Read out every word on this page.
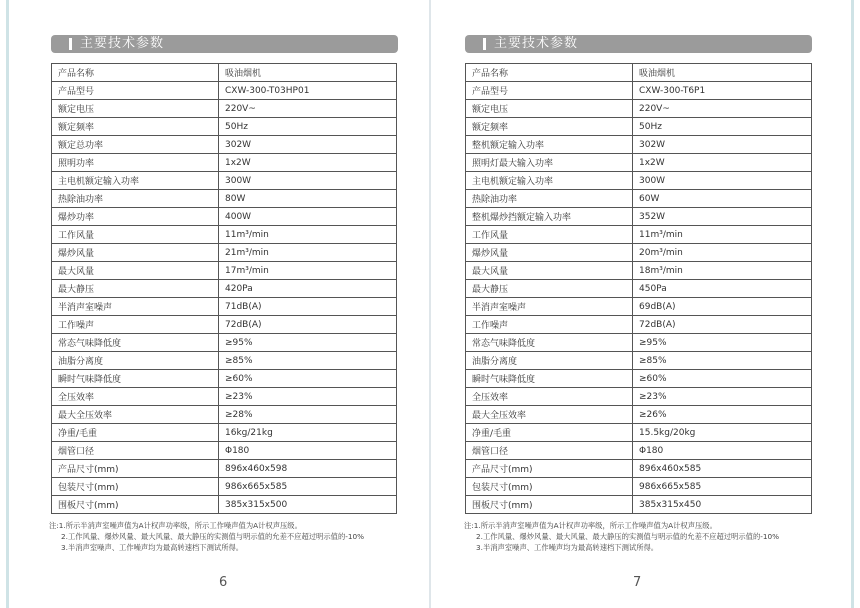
主要技术参数
产品名称	吸油烟机
产品型号	CXW-300-T03HP01
额定电压	220V~
额定频率	50Hz
额定总功率	302W
照明功率	1x2W
主电机额定输入功率	300W
热除油功率	80W
爆炒功率	400W
工作风量	11m³/min
爆炒风量	21m³/min
最大风量	17m³/min
最大静压	420Pa
半消声室噪声	71dB(A)
工作噪声	72dB(A)
常态气味降低度	≥95%
油脂分离度	≥85%
瞬时气味降低度	≥60%
全压效率	≥23%
最大全压效率	≥28%
净重/毛重	16kg/21kg
烟管口径	Φ180
产品尺寸(mm)	896x460x598
包装尺寸(mm)	986x665x585
围板尺寸(mm)	385x315x500
注:1.所示半消声室噪声值为A计权声功率级，所示工作噪声值为A计权声压级。
2.工作风量、爆炒风量、最大风量、最大静压的实测值与明示值的允差不应超过明示值的-10%
3.半消声室噪声、工作噪声均为最高转速档下测试所得。
6
主要技术参数
产品名称	吸油烟机
产品型号	CXW-300-T6P1
额定电压	220V~
额定频率	50Hz
整机额定输入功率	302W
照明灯最大输入功率	1x2W
主电机额定输入功率	300W
热除油功率	60W
整机爆炒挡额定输入功率	352W
工作风量	11m³/min
爆炒风量	20m³/min
最大风量	18m³/min
最大静压	450Pa
半消声室噪声	69dB(A)
工作噪声	72dB(A)
常态气味降低度	≥95%
油脂分离度	≥85%
瞬时气味降低度	≥60%
全压效率	≥23%
最大全压效率	≥26%
净重/毛重	15.5kg/20kg
烟管口径	Φ180
产品尺寸(mm)	896x460x585
包装尺寸(mm)	986x665x585
围板尺寸(mm)	385x315x450
注:1.所示半消声室噪声值为A计权声功率级，所示工作噪声值为A计权声压级。
2.工作风量、爆炒风量、最大风量、最大静压的实测值与明示值的允差不应超过明示值的-10%
3.半消声室噪声、工作噪声均为最高转速档下测试所得。
7
